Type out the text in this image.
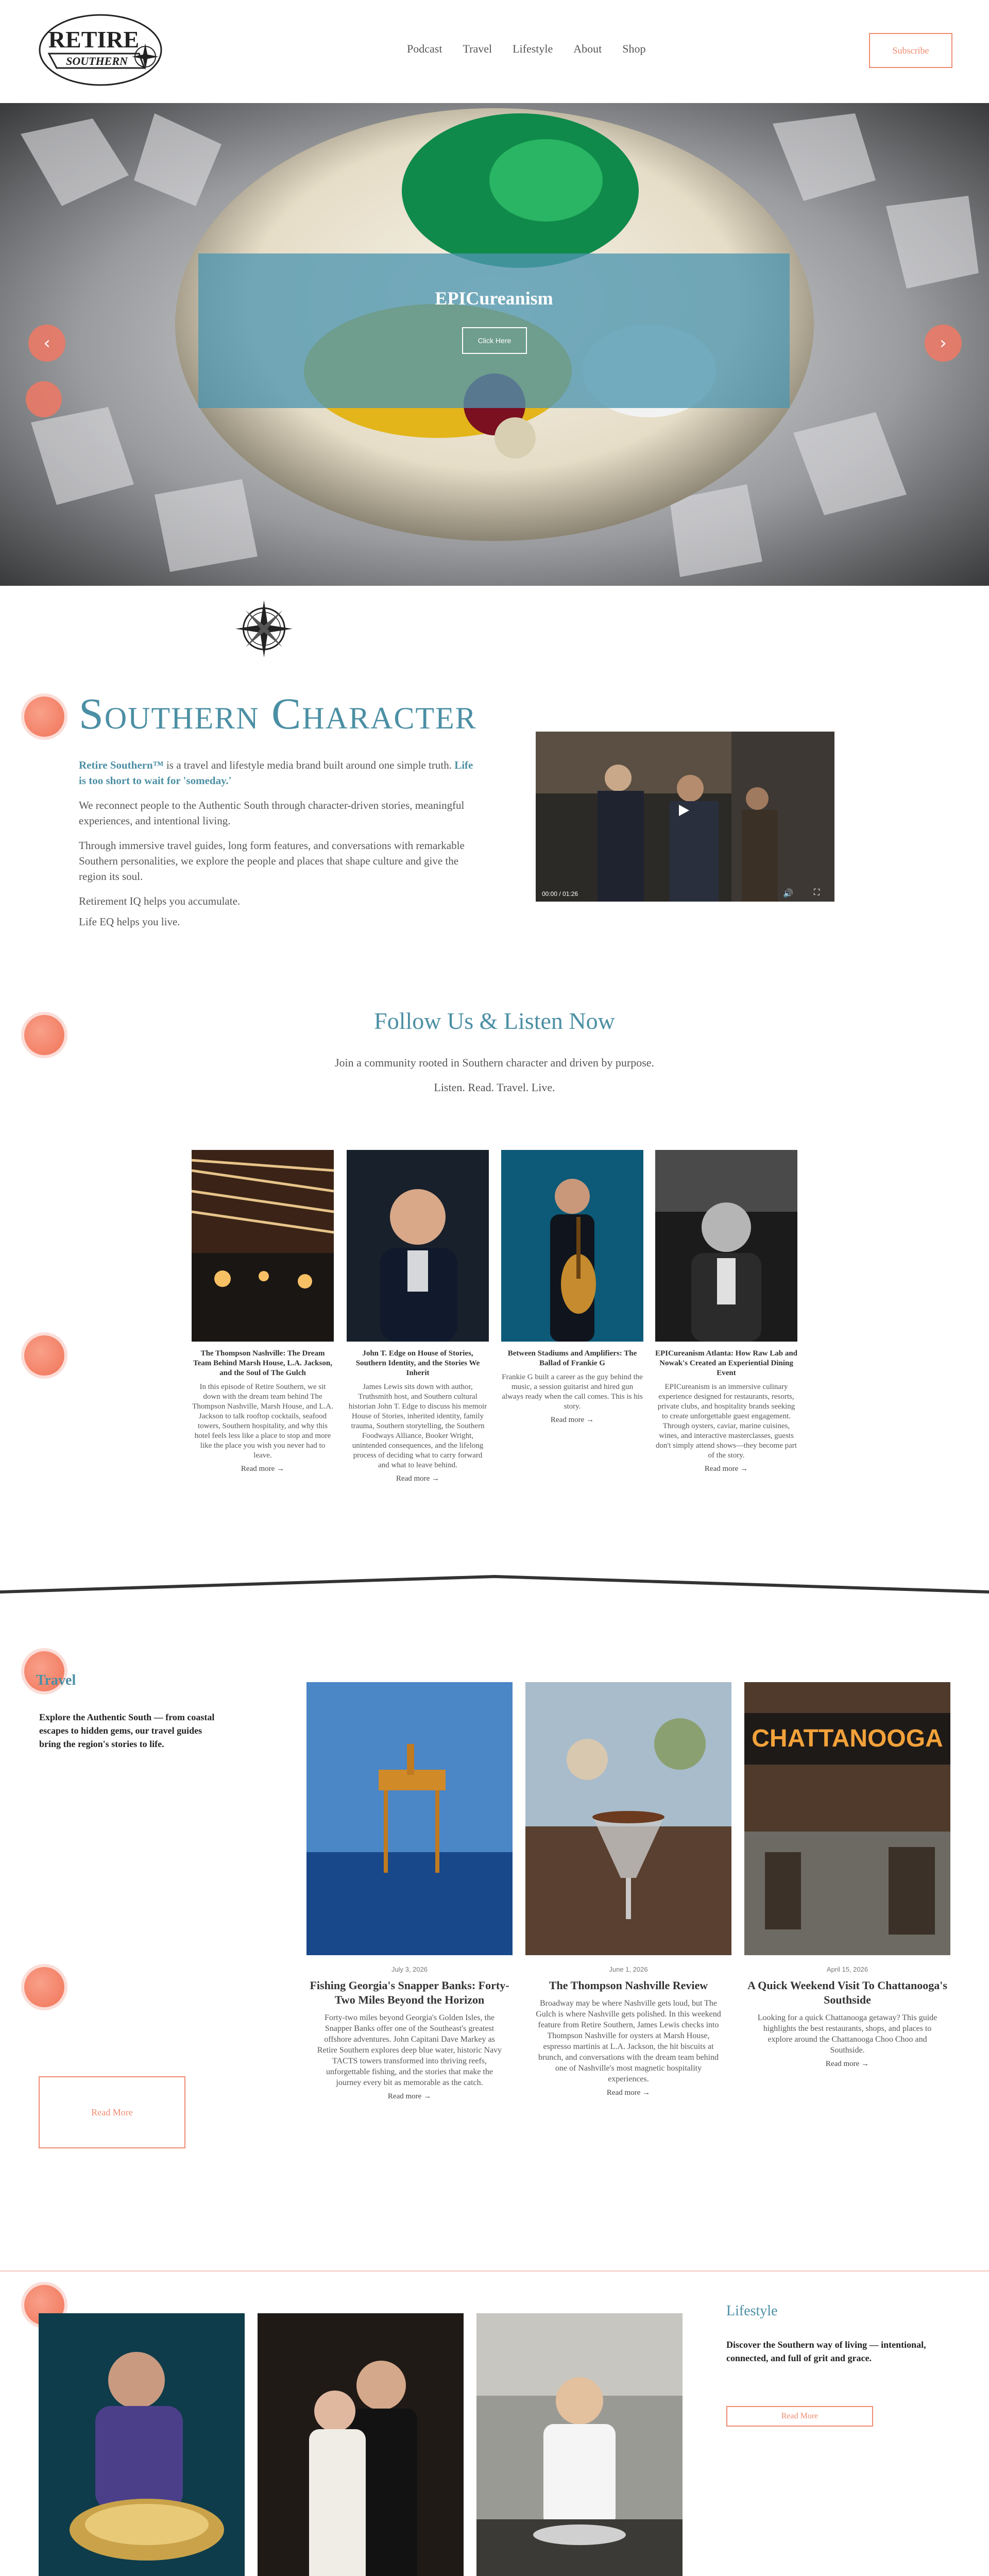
RETIRE
SOUTHERN
Podcast Travel Lifestyle About Shop	Subscribe
EPICureanism
Click Here
‹	›
Southern Character

Retire Southern™ is a travel and lifestyle media brand built around one simple truth. Life is too short to wait for 'someday.'

We reconnect people to the Authentic South through character-driven stories, meaningful experiences, and intentional living.

Through immersive travel guides, long form features, and conversations with remarkable Southern personalities, we explore the people and places that shape culture and give the region its soul.

Retirement IQ helps you accumulate.

Life EQ helps you live.

00:00 / 01:26	🔊	⛶
Follow Us & Listen Now
Join a community rooted in Southern character and driven by purpose.
Listen. Read. Travel. Live.
The Thompson Nashville: The Dream Team Behind Marsh House, L.A. Jackson, and the Soul of The Gulch
In this episode of Retire Southern, we sit down with the dream team behind The Thompson Nashville, Marsh House, and L.A. Jackson to talk rooftop cocktails, seafood towers, Southern hospitality, and why this hotel feels less like a place to stop and more like the place you wish you never had to leave.
Read more →
John T. Edge on House of Stories, Southern Identity, and the Stories We Inherit
James Lewis sits down with author, Truthsmith host, and Southern cultural historian John T. Edge to discuss his memoir House of Stories, inherited identity, family trauma, Southern storytelling, the Southern Foodways Alliance, Booker Wright, unintended consequences, and the lifelong process of deciding what to carry forward and what to leave behind.
Read more →
Between Stadiums and Amplifiers: The Ballad of Frankie G
Frankie G built a career as the guy behind the music, a session guitarist and hired gun always ready when the call comes. This is his story.
Read more →
EPICureanism Atlanta: How Raw Lab and Nowak's Created an Experiential Dining Event
EPICureanism is an immersive culinary experience designed for restaurants, resorts, private clubs, and hospitality brands seeking to create unforgettable guest engagement. Through oysters, caviar, marine cuisines, wines, and interactive masterclasses, guests don't simply attend shows—they become part of the story.
Read more →
Travel
Explore the Authentic South — from coastal escapes to hidden gems, our travel guides bring the region's stories to life.
Read More
July 3, 2026
Fishing Georgia's Snapper Banks: Forty-Two Miles Beyond the Horizon
Forty-two miles beyond Georgia's Golden Isles, the Snapper Banks offer one of the Southeast's greatest offshore adventures. John Capitani Dave Markey as Retire Southern explores deep blue water, historic Navy TACTS towers transformed into thriving reefs, unforgettable fishing, and the stories that make the journey every bit as memorable as the catch.
Read more →
June 1, 2026
The Thompson Nashville Review
Broadway may be where Nashville gets loud, but The Gulch is where Nashville gets polished. In this weekend feature from Retire Southern, James Lewis checks into Thompson Nashville for oysters at Marsh House, espresso martinis at L.A. Jackson, the hit biscuits at brunch, and conversations with the dream team behind one of Nashville's most magnetic hospitality experiences.
Read more →
CHATTANOOGA
April 15, 2026
A Quick Weekend Visit To Chattanooga's Southside
Looking for a quick Chattanooga getaway? This guide highlights the best restaurants, shops, and places to explore around the Chattanooga Choo Choo and Southside.
Read more →
Lifestyle
Discover the Southern way of living — intentional, connected, and full of grit and grace.
Read More
